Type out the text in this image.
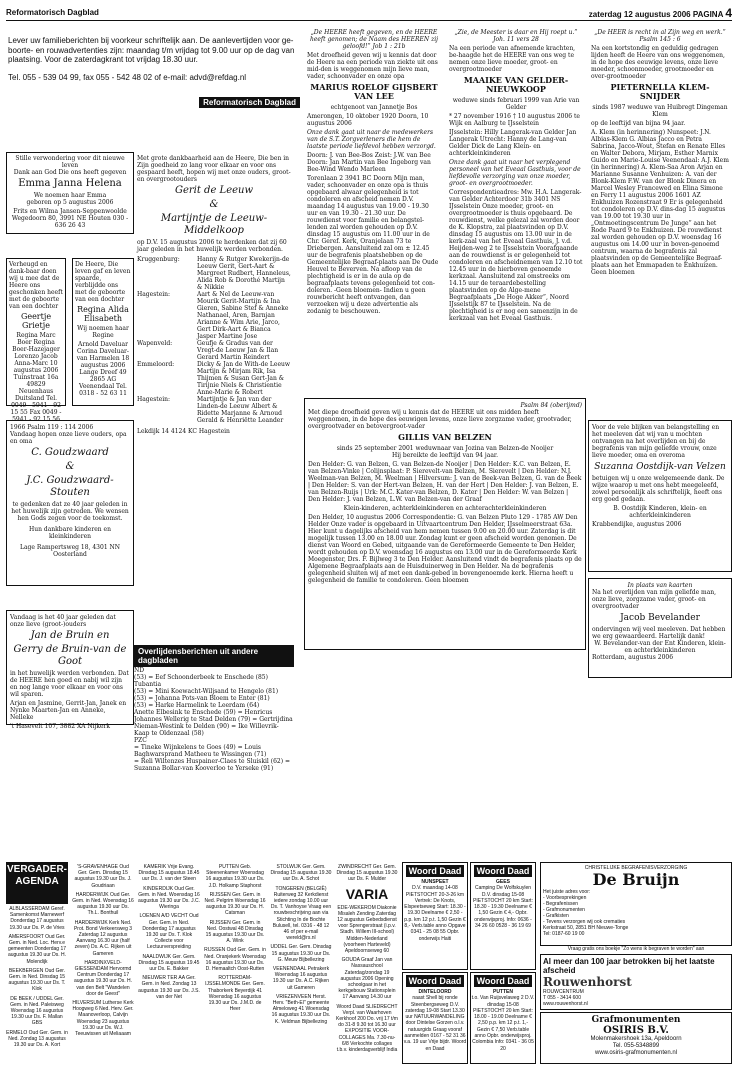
Reformatorisch Dagblad	zaterdag 12 augustus 2006 PAGINA 4

Lever uw familieberichten bij voorkeur schriftelijk aan. De aanlevertijden voor ge-boorte- en rouwadvertenties zijn: maandag t/m vrijdag tot 9.00 uur op de dag van plaatsing. Voor de zaterdagkrant tot vrijdag 18.30 uur.

Tel. 055 - 539 04 99, fax 055 - 542 48 02 of e-mail: advd@refdag.nl

Reformatorisch Dagblad

Stille verwondering voor dit nieuwe leven

Dank aan God Die ons heeft gegeven

Emma Janna Helena

We noemen haar Emma

geboren op 5 augustus 2006

Frits en Wilma Jansen-Seppenwoolde Wegedoorn 80, 3991 NE Houten 030 - 636 26 43

Verheugd en dank-baar doen wij u mee dat de Heere ons geschonken heeft met de geboorte van een dochter

Geertje Grietje

Regina Marc Boer Regina Boer-Hazejager Lorenzo Jacob Anna-Marc 10 augustus 2006 Tuinstraat 16a 49829 Neuenhaus Duitsland Tel. 0049 - 5941 - 92 15 55 Fax 0049 - 5941 - 92 15 56

De Heere, Die leven gaf en leven spaarde, verblijdde ons met de geboorte van een dochter

Regina Alida Elisabeth

Wij noemen haar Regine

Arnold Daveluar Corina Daveluar-van Harmelen 18 augustus 2006 Lange Dreef 49 2865 AG Veenendaal Tel. 0318 - 52 63 11

Met grote dankbaarheid aan de Heere, Die ben in Zijn goedheid zo lang voor elkaar en voor ons gespaard heeft, hopen wij met onze ouders, groot- en overgrootouders

Gerit de Leeuw

&

Martijntje de Leeuw-Middelkoop

op D.V. 15 augustus 2006 te herdenken dat zij 60 jaar geleden in het huwelijk werden verbonden.

Kruggenburg:	Hanny & Rutger Kwekerijn-de Leeuw Gerit, Gert-Aart & Margreet Rudbert, Hanneleus, Alida Rob & Dorothé Martijn & Nikkie
Hagestein:	Aart & Nel de Leeuw-van Mourik Gerit-Martijn & Ina Gieren, Sabine Stef & Anneke Nathanael, Aren, Barnjan Arianne & Wim Arie, Jarco, Gert Dirk-Aart & Bianca Jasper Martine Jose
Wapenveld:	Geufje & Gradus van der Vregt-de Leeuw Jan & Ilan Gerard Martin Reindert
Emmeloord:	Dicky & Jan de With-de Leeuw Martijn & Mirjam Rik, Isa Thijmen & Susan Gert-Jan & Tirijnie Niels & Christientie Anne-Marie & Robert
Hagestein:	Martijntje & Jan van der Linden-de Leeuw Albert & Ridette Marjanne & Arnoud Gerald & Henriëtte Leander

Lekdijk 14 4124 KC Hagestein

1966 Psalm 119 : 114 2006

Vandaag hopen onze lieve ouders, opa en oma

C. Goudzwaard

&

J.C. Goudzwaard-Stouten

te gedenken dat ze 40 jaar geleden in het huwelijk zijn getreden. We wensen hen Gods zegen voor de toekomst.

Hun dankbare kinderen en kleinkinderen

Lage Rampertsweg 18, 4301 NN Oosterland

Vandaag is het 40 jaar geleden dat onze lieve (groot-)ouders

Jan de Bruin en

Gerry de Bruin-van de Goot

in het huwelijk werden verbonden. Dat de HEERE hen goed en nabij wil zijn en nog lange voor elkaar en voor ons wil sparen.

Arjan en Jasmine, Gerrit-Jan, Janek en Nynke Maarten-Jan en Anneke, Nelleke

't Hasevelt 107, 3882 XA Nijkerk

Overlijdensberichten uit andere dagbladen

ND

(53) = Eef Schoonderbeek te Enschede (85)

Tubantia

(53) = Mini Koewacht-Wiljsand te Hengelo (81)

(53) = Johanna Pots-van Bloem te Enter (81)

(53) = Harke Harmelink te Leerdam (64)

Anette Elbesink te Enschede (59) = Henricus Johannes Wellerig te Stad Delden (79) = Gertrijdina Nieman-Westink te Delden (90) = Ike Willevrik-Kaap te Oldenzaal (58)

PZC

= Tineke Wijnkelens te Goes (49) = Louis Baghwarsprand Matheeu te Wissingen (71)

= Reli Wiltenzes Huspainer-Claes te Sluiskil (62) = Suzanna Bollar-van Kooverloo te Yerseke (91)

„De HEERE heeft gegeven, en de HEERE heeft genomen; de Naam des HEEREN zij geloofd!” Job 1 : 21b

Met droefheid geven wij u kennis dat door de Heere na een periode van ziekte uit ons mid-den is weggenomen mijn lieve man, vader, schoonvader en onze opa

MARIUS ROELOF GIJSBERT VAN LEE

echtgenoot van Jannetje Bos

Amerongen, 10 oktober 1920 Doorn, 10 augustus 2006

Onze dank gaat uit naar de medewerkers van de S.T. Zorgverleners die hem de laatste periode liefdevol hebben verzorgd.

Doorn: J. van Bee-Bos Zeist: J.W. van Bee Doorn: Jan Martin van Bee Ingeborg van Bee-Wind Wendo Marleen

Torenlaan 2 3941 BC Doorn Mijn man, vader, schoonvader en onze opa is thuis opgebaard alwaar gelegenheid is tot condoleren en afscheid nemen D.V. maandag 14 augustus van 19.00 - 19.30 uur en van 19.30 - 21.30 uur. De rouwdienst voor familie en belangstel-lenden zal worden gehouden op D.V. dinsdag 15 augustus om 11.00 uur in de Chr. Geref. Kerk, Oranjelaan 73 te Driebergen. Aansluitend zal om ± 12.45 uur de begrafenis plaatshebben op de Gemeentelijke Begraaf-plaats aan De Oude Heuvel te Beverven. Na afloop van de plechtigheid is er in de aula op de begraafplaats tevens gelegenheid tot con-doleren. -Geen bloemen- Indien u geen rouwbericht heeft ontvangen, dan verzoeken wij u deze advertentie als zodanig te beschouwen.

„Zie, de Meester is daar en Hij roept u.” Joh. 11 vers 28

Na een periode van afnemende krachten, be-haagde het de HEERE van ons weg te nemen onze lieve moeder, groot- en overgrootmoeder

MAAIKE VAN GELDER-NIEUWKOOP

weduwe sinds februari 1999 van Arie van Gelder

* 27 november 1916 † 10 augustus 2006 te Wijk en Aalburg te IJsselstein

IJsselstein: Hilly Langerak-van Gelder Jan Langerak Utrecht: Hanny de Lang-van Gelder Dick de Lang Klein- en achterkleinkinderen

Onze dank gaat uit naar het verplegend personeel van het Eveaal Gasthuis, voor de liefdevolle verzorging van onze moeder, groot- en overgrootmoeder.

Correspondentieadres: Mw. H.A. Langerak-van Gelder Achterdoor 31b 3401 NS IJsselstein Onze moeder, groot- en overgrootmoeder is thuis opgebaard. De rouwdienst, welke gelezal zal worden door de K. Klopstra, zal plaatsvinden op D.V. dinsdag 15 augustus om 13.00 uur in de kerk-zaal van het Eveaal Gasthuis, J. v.d. Heijden-weg 2 te IJsselstein Voorafgaande aan de rouwdienst is er gelegenheid tot condoleren en afscheidnemen van 12.10 tot 12.45 uur in de hierboven genoemde kerkzaal. Aansluitend zal omstreeks om 14.15 uur de teraardebestelling plaatsvinden op de Alge-mene Begraafplaats „De Hoge Akker”, Noord IJsselstijk 87 te IJsselstein. Na de plechtigheid is er nog een samenzijn in de kerkzaal van het Eveaal Gasthuis.

„De HEER is recht in al Zijn weg en werk.” Psalm 145 : 6

Na een kortstondig en geduldig gedragen lijden heeft de Heere van ons weggenomen, in de hope des eeuwige levens, onze lieve moeder, schoonmoeder, grootmoeder en over-grootmoeder

PIETERNELLA KLEM-SNIJDER

sinds 1987 weduwe van Huibregt Dingeman Klem

op de leeftijd van bijna 94 jaar.

A. Klem (in herinnering) Nunspeet: J.N. Albias-Klem G. Albias Jacco en Petra Sabrina, Jacco-Wout, Stefan en Renate Elles en Walter Debora, Mirjam, Esther Marnix Guido en Marie-Louise Veenendaal: A.J. Klem (in herinnering) A. Klem-Saa Aron Arjan en Marianne Susanne Venhuizen: A. van der Blonk-Klem F.W. van der Blonk Dinera en Marcel Wesley Francewed en Elina Simone en Ferry 11 augustus 2006 1601 AZ Enkhuizen Rozenstraat 9 Er is gelegenheid tot condoleren op D.V. dins-dag 15 augustus van 19.00 tot 19.30 uur in „Ontmoetingscentrum De Junge” aan het Rode Paard 9 te Enkhuizen. De rouwdienst zal worden gehouden op D.V. woensdag 16 augustus om 14.00 uur in boven-genoemd centrum, waarna de begrafenis zal plaatsvinden op de Gemeentelijke Begraaf-plaats aan het Emmapaden te Enkhuizen. Geen bloemen

Psalm 84 (oberijmd)

Met diepe droefheid geven wij u kennis dat de HEERE uit ons midden heeft weggenomen, in de hope des eeuwigen levens, onze lieve zorgzame vader, grootvader, overgrootvader en betovergroot-vader

GILLIS VAN BELZEN

sinds 25 september 2001 weduwnaar van Jozina van Belzen-de Nooijer

Hij bereikte de leeftijd van 94 jaar.

Den Helder: G. van Belzen, G. van Belzen-de Nooijer | Den Helder: K.C. van Belzen, E. van Belzen-Vinke | Colijnsplaat: P. Sierevelt-van Belzen, M. Sierevelt | Den Helder: N.J. Weelman-van Belzen, M. Weelman | Hilversum: J. van de Beek-van Belzen, G. van de Beek | Den Helder: S. van der Hert-van Belzen, H. van der Hert | Den Helder: J. van Belzen, E. van Belzen-Ruijs | Urk: M.C. Kater-van Belzen, D. Kater | Den Helder: W. van Belzen | Den Helder: J. van Belzen, L.W. van Belzen-van der Graaf

Klein-kinderen, achterkleinkinderen en achterachterkleinkinderen

Den Helder, 10 augustus 2006 Correspondentie: G. van Belzen Pluto 129 - 1785 AW Den Helder Onze vader is opgebaard in Uitvaartcentrum Den Helder, IJsselmeerstraat 63a. Hier kunt u dagelijks afscheid van hem nemen tussen 9.00 en 20.00 uur. Zaterdag is dit mogelijk tussen 13.00 en 18.00 uur. Zondag kunt er geen afscheid worden genomen. De dienst van Woord en Gebed, uitgaande van de Gereformeerde Gemeente te Den Helder, wordt gehouden op D.V. woensdag 16 augustus om 13.00 uur in de Gereformeerde Kerk Moegenster, Drs. F. Bijlweg 3 te Den Helder. Aansluitend vindt de begrafenis plaats op de Algemene Begraafplaats aan de Huisduinerweg in Den Helder. Na de begrafenis gelegenheid sluiten wij af met een dank-gebed in bovengenoemde kerk. Hierna heeft u gelegenheid de familie te condoleren. Geen bloemen

Voor de vele blijken van belangstelling en het meeleven dat wij van u mochten ontvangen na het overlijden en bij de begrafenis van mijn geliefde vrouw, onze lieve moeder, oma en overoma

Suzanna Oostdijk-van Velzen

betuigen wij u onze welgemeende dank. De wijze waarop u met ons hebt meegeleefd, zowel persoonlijk als schriftelijk, heeft ons erg goed gedaan.

B. Oostdijk Kinderen, klein- en achterkleinkinderen

Krabbendijke, augustus 2006

In plaats van kaarten

Na het overlijden van mijn geliefde man, onze lieve, zorgzame vader, groot- en overgrootvader

Jacob Bevelander

ondervingen wij veel meeleven. Dat hebben we erg gewaardeerd. Hartelijk dank!

W. Bevelander-van der Ent Kinderen, klein- en achterkleinkinderen

Rotterdam, augustus 2006

VERGADER-AGENDA
ALBLASSERDAM Geref. Samenkomst Marnewerf Donderdag 17 augustus 19.30 uur Ds. P. de Vries
AMERSFOORT Oud Ger. Gem. in Ned. Loc. Herv.e gemeenten Donderdag 17 augustus 19.30 uur Ds. H. Molendijk
BEEKBERGEN Oud Ger. Gem. in Ned. Dinsdag 15 augustus 19.30 uur Ds. T. Klok
DE BEEK / UDDEL Ger. Gem. in Ned. Paleisweg Woensdag 16 augustus 19.30 uur Ds. F. Mallan GBS
ERMELO Oud Ger. Gem. in Ned. Zondag 13 augustus 19.30 uur Ds. A. Kort
'S-GRAVENHAGE Oud Ger. Gem. Dinsdag 15 augustus 19.30 uur Ds. J. Goudriaan
HARDERWIJK Oud Ger. Gem. in Ned. Woensdag 16 augustus 19.30 uur Ds. Th.L. Bonthuil
HARDERWIJK Kerk Ned. Prot. Bond Verkeersweg 3 Zaterdag 12 augustus Aanvang 16.30 uur (half zeven) Ds. A.C. Rijken uit Gameren
HARDINXVELD-GIESSENDAM Hervormd Centrum Donderdag 17 augustus 19.30 uur Ds. H. van den Belt "Wandelen door de Geest"
HILVERSUM Lutherse Kerk Hoogweg 6 Ned. Herv. Ger. Maanoverloop, Calvijn Woensdag 23 augustus 19.30 uur Ds. W.J. Teeuwissen uit Meliaaam
KAMERIK Vrije Evang. Dinsdag 15 augustus 18.45 uur Ds. J. van der Steen
KINDERDIJK Oud Ger. Gem. in Ned. Woensdag 16 augustus 19.30 uur Ds. J.C. Wieringa
LOENEN A/D VECHT Oud Ger. Gem. in Ned. Donderdag 17 augustus 19.30 uur Ds. T. Klok Collecte voor Lectuurverspreiding
NAALDWIJK Ger. Gem. Dinsdag 15 augustus 19.45 uur Ds. E. Bakker
NIEUWER TER AA Ger. Gem. in Ned. Zondag 13 augustus 19.30 uur Ds. J.S. van der Net
PUTTEN Geb. Steenenkamer Woensdag 16 augustus 19.30 uur Ds. J.D. Holkamp Staphorst
RIJSSEN Ger. Gem. in Ned. Pelgrim Woensdag 16 augustus 19.30 uur Ds. H. Catsman
RIJSSEN Ger. Gem. in Ned. Oostwal 48 Dinsdag 15 augustus 19.30 uur Ds. A. Wink
RIJSSEN Oud Ger. Gem. in Ned. Oranjekerk Woensdag 16 augustus 19.30 uur Ds. D. Hemaaltch Oost-Rutten
ROTTERDAM-IJSSELMONDE Ger. Gem. Thaborkerk Beyerdijk 41 Woensdag 16 augustus 19.30 uur Ds. J.M.D. de Heer
STOLWIJK Ger. Gem. Dinsdag 15 augustus 19.30 uur Ds. A. Schot
TONGEREN (BELGIË) Ruiterweg 32 Kerkdienst iedere zondag 10.00 uur Ds. T. Vanhoyse Vraag een rouwbeschrijving aan via Stichting In de Bochte Bulusell, tel. 0316 - 48 12 46 of per e-mail wereld@rs.nl
UDDEL Ger. Gem. Dinsdag 15 augustus 19.30 uur Ds. G. Meuw Bijbellezing
VEENENDAAL Petrakerk Woensdag 16 augustus 19.30 uur Ds. A.C. Rijken uit Gameren
VRIEZENVEEN Herst. Herv. "Beth-El" gemeente Almeloweg 41 Woensdag 16 augustus 19.30 uur Ds. K. Veldman Bijbellezing
ZWINDRECHT Ger. Gem. Dinsdag 15 augustus 19.30 uur Ds. F. Mulder
VARIA
EDE-WEKEROM Diakonie Misaleh Zending Zaterdag 12 augustus Gebedsdienst voor Sprengerstraat (i.p.v. Stadh. Willem III-school) Midden-Nederland (voorheen Harteveld) Apeldoornseweg 60
GOUDA Graaf Jan van Nassauschool Zaterdag/zondag 19 augustus 2006 Opening schoolgaar in het kerkgebouw Stationsplein 17 Aanvang 14.30 uur
Woord Daad SLIEDRECHT Verpl. van Waarhoven Kerkhoof 200 Do. vrij 17 t/m do 31-8 9.30 tot 16.30 uur EXPOSITIE VOOR-COLLAGES Ma. 7.30-nu-6/8 Verkochte collages t.b.v. kinderdagverblijf India
Woord Daad
NUNSPEET
D.V. maandag 14-08 PIETSTOCHT 20-3-26 km Vertrek: De Knots, Elspeetseweg Start: 18.30 - 19.30 Deelname € 2,50 - p.p. km 12 p.t. 1,50 Gezin € 8,- Verb.table anno Opgave 0341 - 25 08 55 Opbr. onderwijs Haiti
Woord Daad
GEES
Camping De Wolfskuylen D.V. dinsdag 15-08 PIETSTOCHT 20 km Start: 18.30 - 19.30 Deelname € 1,50 Gezin € 4,- Opbr. onderwijsproj. Info: 0636 - 34 26 60 0528 - 36 19 69
Woord Daad
DINTELOORD
naast Shell bij ronde Steenbergseweg D.V. zaterdag 19-08 Start 13.30 uur NATUURWANDELING door Dintelse Gorzen o.l.v. natuurgids Graag vooraf aanmelden 0167 - 52 31 36 v.a. 19 uur Vrije bijdr. Woord en Daad
Woord Daad
PUTTEN
t.o. Van Ruijsvelaweg 2 D.V. dinsdag 15-08 PIETSTOCHT 20 km Start: 18.00 - 19.00 Deelname € 2,50 p.p. km 12 p.t. 1,- Gezin € 7,50 Verb.table anno Opbr. onderwijsproj. Colombia Info: 0341 - 36 05 20
CHRISTELIJKE BEGRAFENISVERZORGING
De Bruijn
Het juiste adres voor:
- Voorbesprekingen
- Begrafenissen
- Grafmonumenten
- Grafkisten
- Tevens verzorgen wij ook crematies
Kerkstraat 50, 2851 BH Nieuwe-Tonge
Tel: 0187-60 19 00
Vraag gratis ons boekje "Zo wens ik begraven te worden" aan
Al meer dan 100 jaar betrokken bij het laatste afscheid
Rouwenhorst
ROUWCENTRUM
T 055 - 3414 600
www.rouwenhorst.nl
Grafmonumenten
OSIRIS B.V.
Molenmakershoek 13a, Apeldoorn
Tel. 055-5348899
www.osiris-grafmonumenten.nl
